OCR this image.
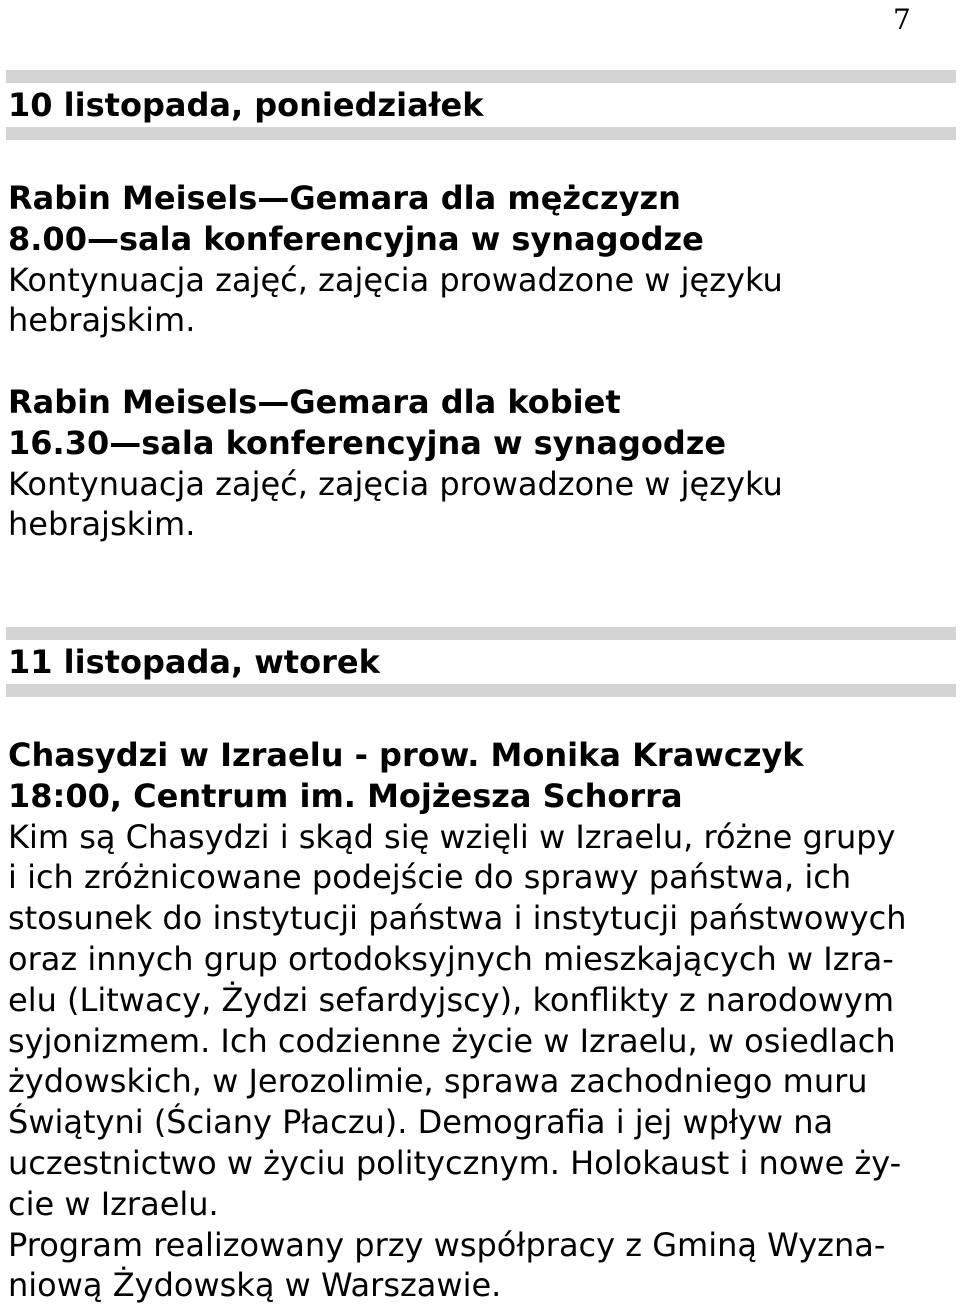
7
10 listopada, poniedziałek
Rabin Meisels—Gemara dla mężczyzn
8.00—sala konferencyjna w synagodze
Kontynuacja zajęć, zajęcia prowadzone w języku
hebrajskim.
Rabin Meisels—Gemara dla kobiet
16.30—sala konferencyjna w synagodze
Kontynuacja zajęć, zajęcia prowadzone w języku
hebrajskim.
11 listopada, wtorek
Chasydzi w Izraelu - prow. Monika Krawczyk
18:00, Centrum im. Mojżesza Schorra
Kim są Chasydzi i skąd się wzięli w Izraelu, różne grupy
i ich zróżnicowane podejście do sprawy państwa, ich
stosunek do instytucji państwa i instytucji państwowych
oraz innych grup ortodoksyjnych mieszkających w Izra-
elu (Litwacy, Żydzi sefardyjscy), konflikty z narodowym
syjonizmem. Ich codzienne życie w Izraelu, w osiedlach
żydowskich, w Jerozolimie, sprawa zachodniego muru
Świątyni (Ściany Płaczu). Demografia i jej wpływ na
uczestnictwo w życiu politycznym. Holokaust i nowe ży-
cie w Izraelu.
Program realizowany przy współpracy z Gminą Wyzna-
niową Żydowską w Warszawie.
